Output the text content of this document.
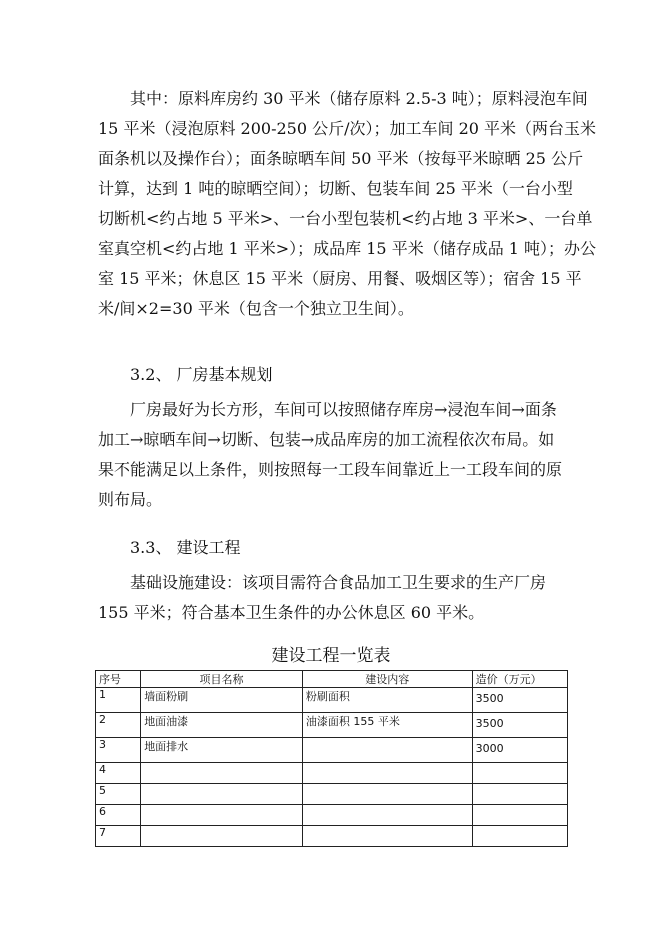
其中：原料库房约 30 平米（储存原料 2.5-3 吨）；原料浸泡车间
15 平米（浸泡原料 200-250 公斤/次）；加工车间 20 平米（两台玉米
面条机以及操作台）；面条晾晒车间 50 平米（按每平米晾晒 25 公斤
计算，达到 1 吨的晾晒空间）；切断、包装车间 25 平米（一台小型
切断机<约占地 5 平米>、一台小型包装机<约占地 3 平米>、一台单
室真空机<约占地 1 平米>）；成品库 15 平米（储存成品 1 吨）；办公
室 15 平米；休息区 15 平米（厨房、用餐、吸烟区等）；宿舍 15 平
米/间×2=30 平米（包含一个独立卫生间）。
3.2、 厂房基本规划
厂房最好为长方形，车间可以按照储存库房→浸泡车间→面条
加工→晾晒车间→切断、包装→成品库房的加工流程依次布局。如
果不能满足以上条件，则按照每一工段车间靠近上一工段车间的原
则布局。
3.3、 建设工程
基础设施建设：该项目需符合食品加工卫生要求的生产厂房
155 平米；符合基本卫生条件的办公休息区 60 平米。
建设工程一览表
序号	项目名称	建设内容	造价（万元）
1	墙面粉刷	粉刷面积	3500
2	地面油漆	油漆面积 155 平米	3500
3	地面排水		3000
4			
5			
6			
7			
